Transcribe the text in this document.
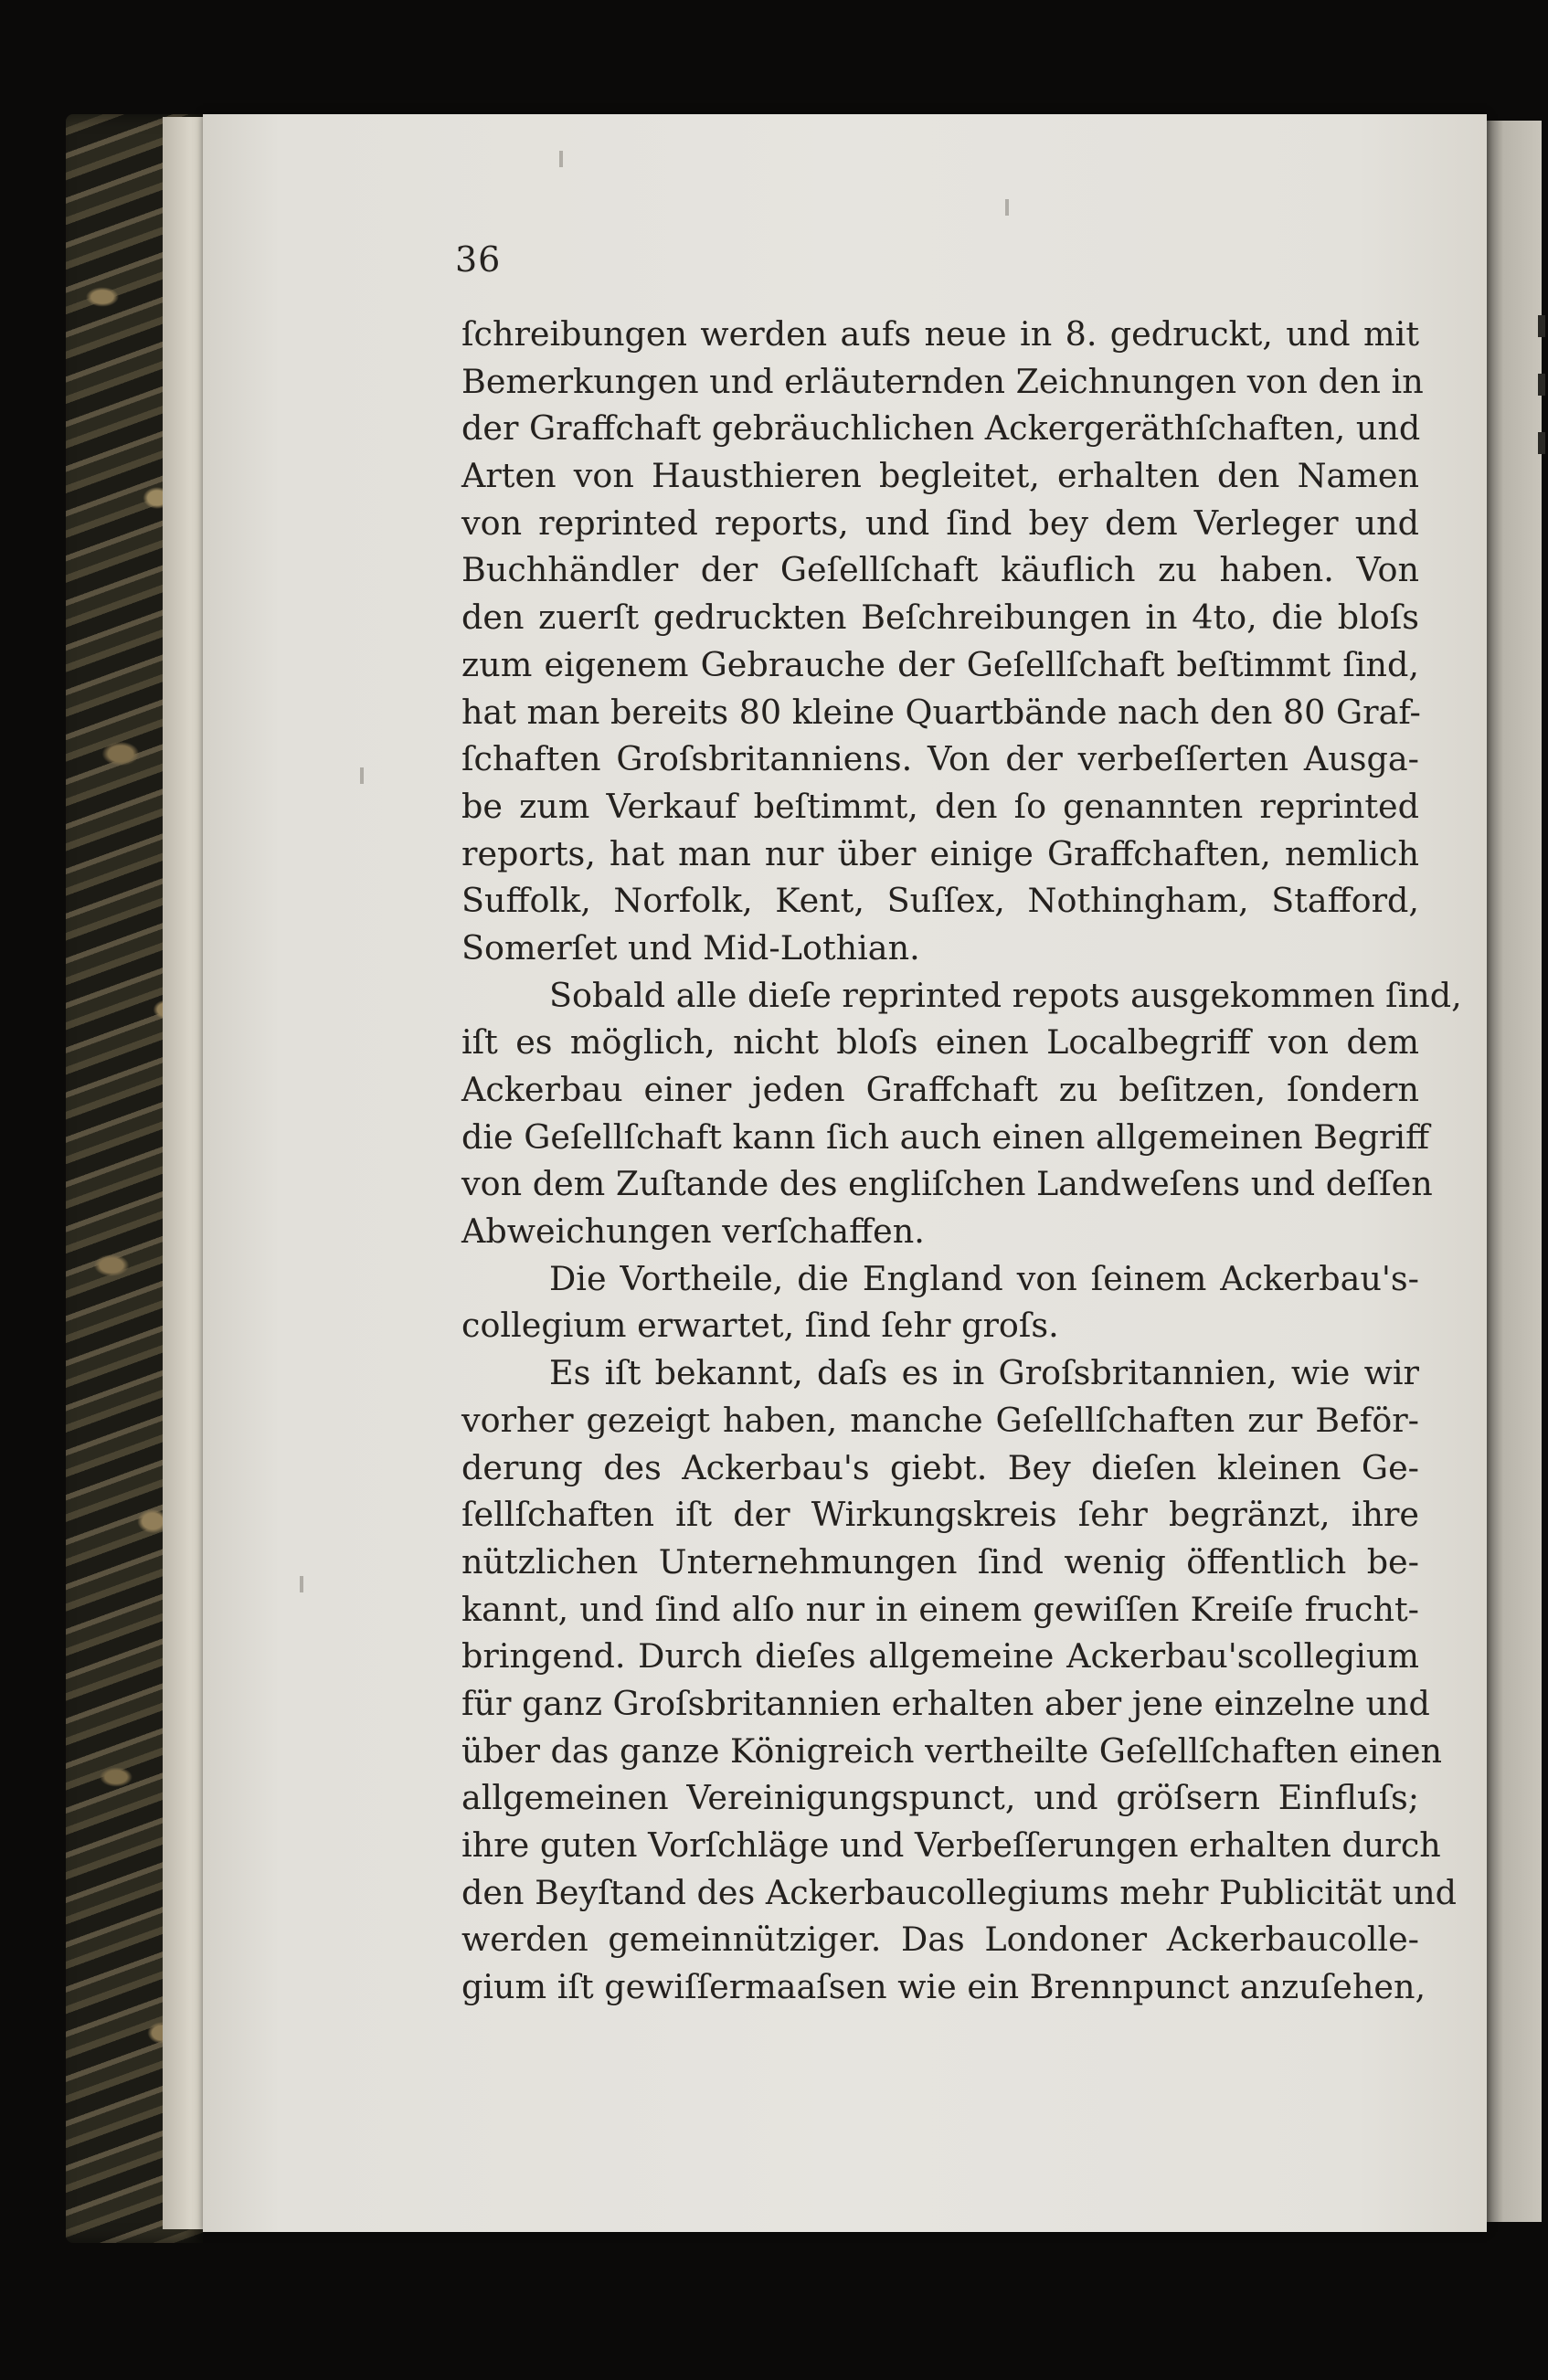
36
ſchreibungen werden aufs neue in 8. gedruckt, und mit
Bemerkungen und erläuternden Zeichnungen von den in
der Graffchaft gebräuchlichen Ackergeräthſchaften, und
Arten von Hausthieren begleitet, erhalten den Namen
von reprinted reports, und ſind bey dem Verleger und
Buchhändler der Geſellſchaft käuflich zu haben. Von
den zuerſt gedruckten Beſchreibungen in 4to, die bloſs
zum eigenem Gebrauche der Geſellſchaft beſtimmt ſind,
hat man bereits 80 kleine Quartbände nach den 80 Graf-
ſchaften Groſsbritanniens. Von der verbeſſerten Ausga-
be zum Verkauf beſtimmt, den ſo genannten reprinted
reports, hat man nur über einige Graffchaften, nemlich
Suffolk, Norfolk, Kent, Suſſex, Nothingham, Stafford,
Somerſet und Mid-Lothian.
Sobald alle dieſe reprinted repots ausgekommen ſind,
iſt es möglich, nicht bloſs einen Localbegriff von dem
Ackerbau einer jeden Graffchaft zu beſitzen, ſondern
die Geſellſchaft kann ſich auch einen allgemeinen Begriff
von dem Zuſtande des engliſchen Landweſens und deſſen
Abweichungen verſchaffen.
Die Vortheile, die England von ſeinem Ackerbau's-
collegium erwartet, ſind ſehr groſs.
Es iſt bekannt, daſs es in Groſsbritannien, wie wir
vorher gezeigt haben, manche Geſellſchaften zur Beför-
derung des Ackerbau's giebt. Bey dieſen kleinen Ge-
ſellſchaften iſt der Wirkungskreis ſehr begränzt, ihre
nützlichen Unternehmungen ſind wenig öffentlich be-
kannt, und ſind alſo nur in einem gewiſſen Kreiſe frucht-
bringend. Durch dieſes allgemeine Ackerbau'scollegium
für ganz Groſsbritannien erhalten aber jene einzelne und
über das ganze Königreich vertheilte Geſellſchaften einen
allgemeinen Vereinigungspunct, und gröſsern Einfluſs;
ihre guten Vorſchläge und Verbeſſerungen erhalten durch
den Beyſtand des Ackerbaucollegiums mehr Publicität und
werden gemeinnütziger. Das Londoner Ackerbaucolle-
gium iſt gewiſſermaaſsen wie ein Brennpunct anzuſehen,
